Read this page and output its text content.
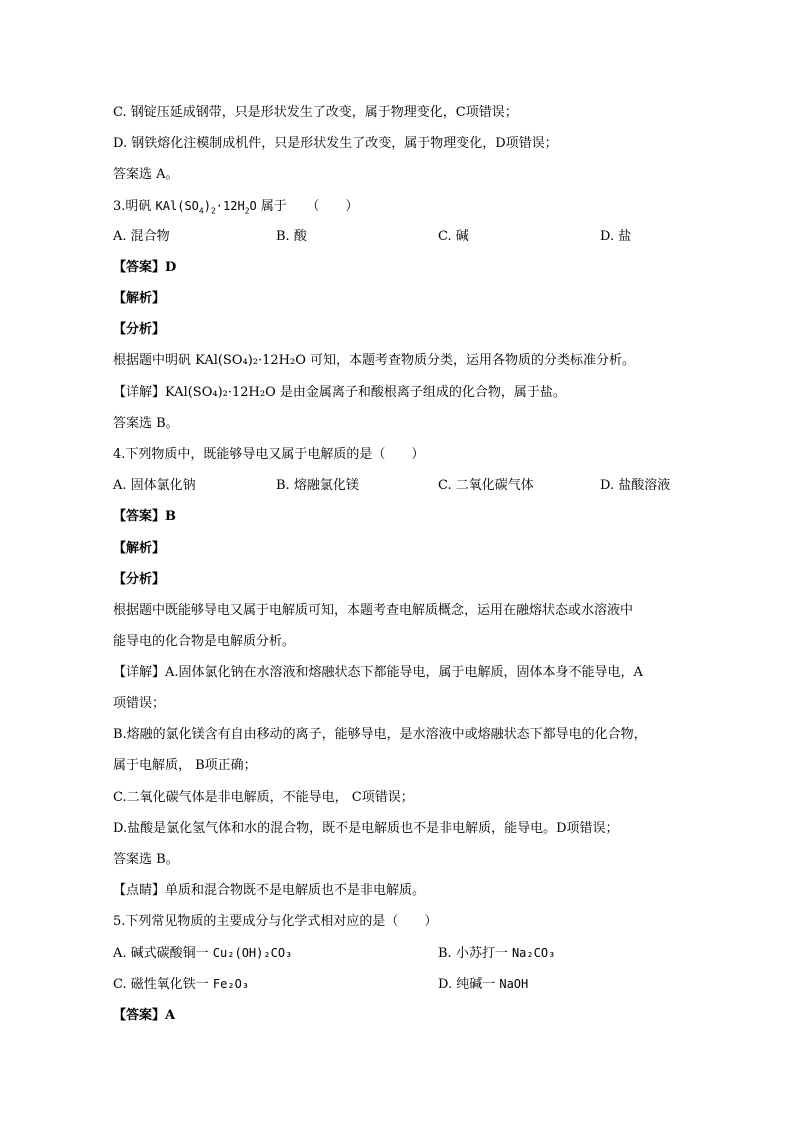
C. 钢锭压延成钢带，只是形状发生了改变，属于物理变化，C项错误；
D. 钢铁熔化注模制成机件，只是形状发生了改变，属于物理变化，D项错误；
答案选 A。
3.明矾 $KAl(SO_4)_2\cdot 12H_2O$ 属于　　（　　）
A. 混合物	B. 酸	C. 碱	D. 盐
【答案】D
【解析】
【分析】
根据题中明矾 KAl(SO₄)₂·12H₂O 可知，本题考查物质分类，运用各物质的分类标准分析。
【详解】KAl(SO₄)₂·12H₂O 是由金属离子和酸根离子组成的化合物，属于盐。
答案选 B。
4.下列物质中，既能够导电又属于电解质的是（　　）
A. 固体氯化钠	B. 熔融氯化镁	C. 二氧化碳气体	D. 盐酸溶液
【答案】B
【解析】
【分析】
根据题中既能够导电又属于电解质可知，本题考查电解质概念，运用在融熔状态或水溶液中
能导电的化合物是电解质分析。
【详解】A.固体氯化钠在水溶液和熔融状态下都能导电，属于电解质，固体本身不能导电，A
项错误；
B.熔融的氯化镁含有自由移动的离子，能够导电，是水溶液中或熔融状态下都导电的化合物，
属于电解质， B项正确；
C.二氧化碳气体是非电解质，不能导电， C项错误；
D.盐酸是氯化氢气体和水的混合物，既不是电解质也不是非电解质，能导电。D项错误；
答案选 B。
【点睛】单质和混合物既不是电解质也不是非电解质。
5.下列常见物质的主要成分与化学式相对应的是（　　）
A. 碱式碳酸铜一 Cu₂(OH)₂CO₃	B. 小苏打一 Na₂CO₃
C. 磁性氧化铁一 Fe₂O₃	D. 纯碱一 NaOH
【答案】A
